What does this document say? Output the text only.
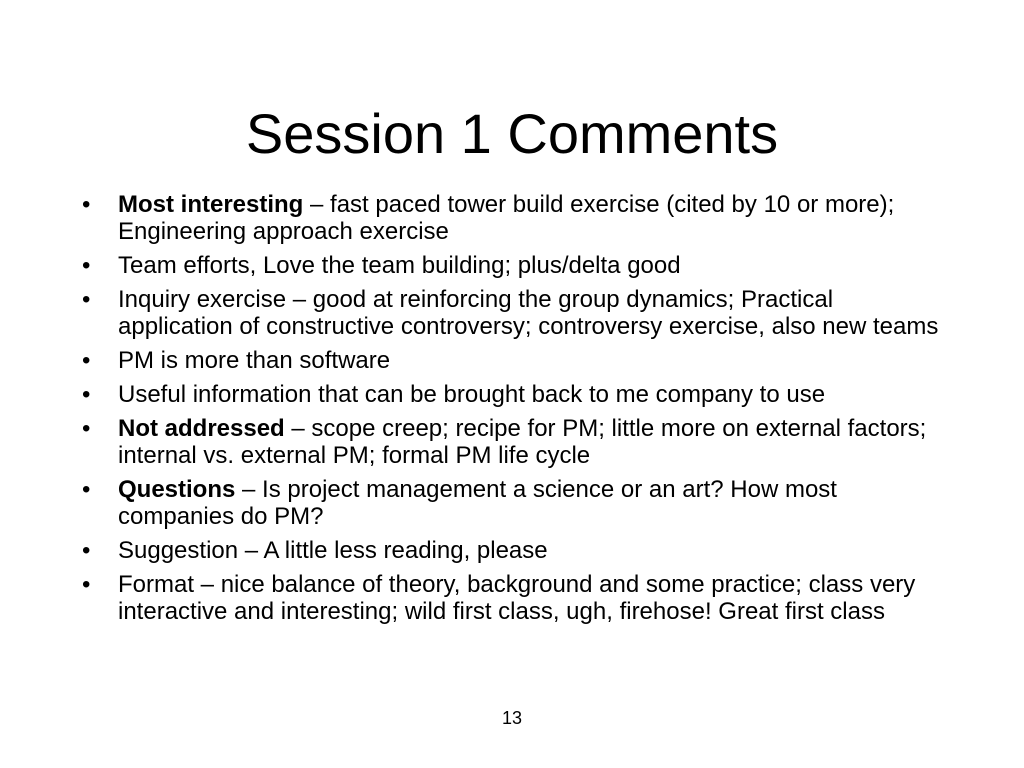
Session 1 Comments
•	Most interesting – fast paced tower build exercise (cited by 10 or more); Engineering approach exercise
•	Team efforts, Love the team building; plus/delta good
•	Inquiry exercise – good at reinforcing the group dynamics; Practical application of constructive controversy; controversy exercise, also new teams
•	PM is more than software
•	Useful information that can be brought back to me company to use
•	Not addressed – scope creep; recipe for PM; little more on external factors; internal vs. external PM; formal PM life cycle
•	Questions – Is project management a science or an art? How most companies do PM?
•	Suggestion – A little less reading, please
•	Format – nice balance of theory, background and some practice; class very interactive and interesting; wild first class, ugh, firehose! Great first class
13
